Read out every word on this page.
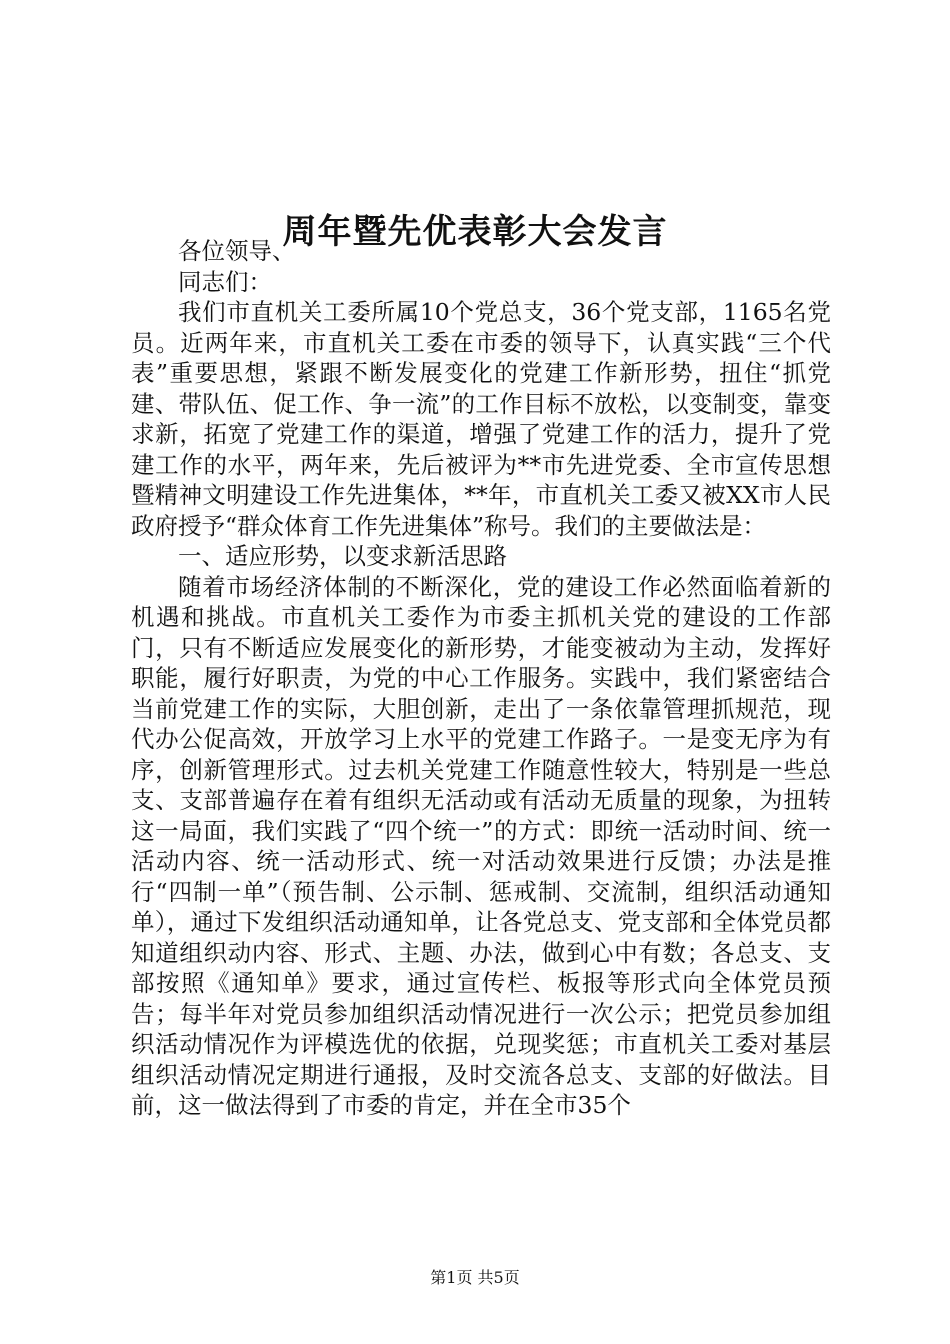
周年暨先优表彰大会发言

各位领导、

同志们：

我们市直机关工委所属10个党总支，36个党支部，1165名党员。近两年来，市直机关工委在市委的领导下，认真实践“三个代表”重要思想，紧跟不断发展变化的党建工作新形势，扭住“抓党建、带队伍、促工作、争一流”的工作目标不放松，以变制变，靠变求新，拓宽了党建工作的渠道，增强了党建工作的活力，提升了党建工作的水平，两年来，先后被评为**市先进党委、全市宣传思想暨精神文明建设工作先进集体，**年，市直机关工委又被XX市人民政府授予“群众体育工作先进集体”称号。我们的主要做法是：

一、适应形势，以变求新活思路

随着市场经济体制的不断深化，党的建设工作必然面临着新的机遇和挑战。市直机关工委作为市委主抓机关党的建设的工作部门，只有不断适应发展变化的新形势，才能变被动为主动，发挥好职能，履行好职责，为党的中心工作服务。实践中，我们紧密结合当前党建工作的实际，大胆创新，走出了一条依靠管理抓规范，现代办公促高效，开放学习上水平的党建工作路子。一是变无序为有序，创新管理形式。过去机关党建工作随意性较大，特别是一些总支、支部普遍存在着有组织无活动或有活动无质量的现象，为扭转这一局面，我们实践了“四个统一”的方式：即统一活动时间、统一活动内容、统一活动形式、统一对活动效果进行反馈；办法是推行“四制一单”（预告制、公示制、惩戒制、交流制，组织活动通知单），通过下发组织活动通知单，让各党总支、党支部和全体党员都知道组织动内容、形式、主题、办法，做到心中有数；各总支、支部按照《通知单》要求，通过宣传栏、板报等形式向全体党员预告；每半年对党员参加组织活动情况进行一次公示；把党员参加组织活动情况作为评模选优的依据，兑现奖惩；市直机关工委对基层组织活动情况定期进行通报，及时交流各总支、支部的好做法。目前，这一做法得到了市委的肯定，并在全市35个

第1页 共5页
